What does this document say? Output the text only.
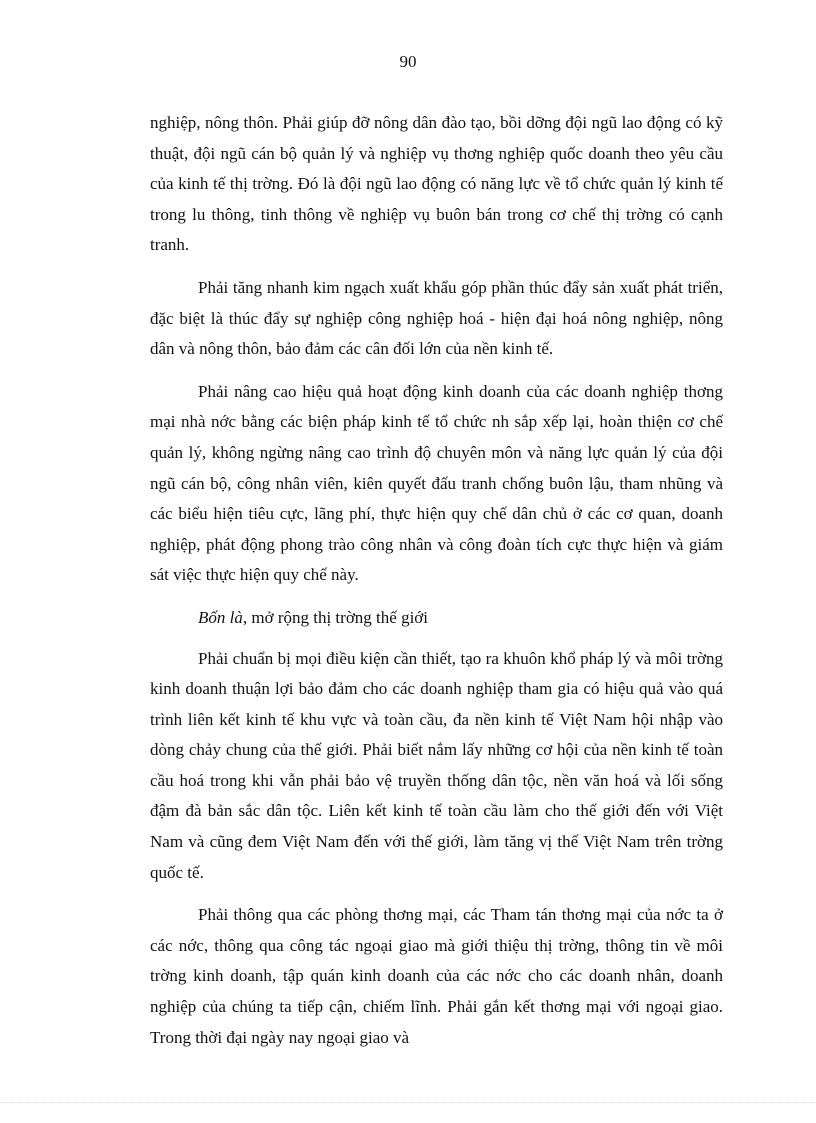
90

nghiệp, nông thôn. Phải giúp đỡ nông dân đào tạo, bồi dỡng đội ngũ lao động có kỹ thuật, đội ngũ cán bộ quản lý và nghiệp vụ thơng nghiệp quốc doanh theo yêu cầu của kinh tế thị trờng. Đó là đội ngũ lao động có năng lực về tổ chức quản lý kinh tế trong lu thông, tinh thông về nghiệp vụ buôn bán trong cơ chế thị trờng có cạnh tranh.

Phải tăng nhanh kim ngạch xuất khẩu góp phần thúc đẩy sản xuất phát triển, đặc biệt là thúc đẩy sự nghiệp công nghiệp hoá - hiện đại hoá nông nghiệp, nông dân và nông thôn, bảo đảm các cân đối lớn của nền kinh tế.

Phải nâng cao hiệu quả hoạt động kinh doanh của các doanh nghiệp thơng mại nhà nớc bằng các biện pháp kinh tế tổ chức nh sắp xếp lại, hoàn thiện cơ chế quản lý, không ngừng nâng cao trình độ chuyên môn và năng lực quản lý của đội ngũ cán bộ, công nhân viên, kiên quyết đấu tranh chống buôn lậu, tham nhũng và các biểu hiện tiêu cực, lãng phí, thực hiện quy chế dân chủ ở các cơ quan, doanh nghiệp, phát động phong trào công nhân và công đoàn tích cực thực hiện và giám sát việc thực hiện quy chế này.

Bốn là, mở rộng thị trờng thế giới

Phải chuẩn bị mọi điều kiện cần thiết, tạo ra khuôn khổ pháp lý và môi trờng kinh doanh thuận lợi bảo đảm cho các doanh nghiệp tham gia có hiệu quả vào quá trình liên kết kinh tế khu vực và toàn cầu, đa nền kinh tế Việt Nam hội nhập vào dòng chảy chung của thế giới. Phải biết nắm lấy những cơ hội của nền kinh tế toàn cầu hoá trong khi vẫn phải bảo vệ truyền thống dân tộc, nền văn hoá và lối sống đậm đà bản sắc dân tộc. Liên kết kinh tế toàn cầu làm cho thế giới đến với Việt Nam và cũng đem Việt Nam đến với thế giới, làm tăng vị thế Việt Nam trên trờng quốc tế.

Phải thông qua các phòng thơng mại, các Tham tán thơng mại của nớc ta ở các nớc, thông qua công tác ngoại giao mà giới thiệu thị trờng, thông tin về môi trờng kinh doanh, tập quán kinh doanh của các nớc cho các doanh nhân, doanh nghiệp của chúng ta tiếp cận, chiếm lĩnh. Phải gắn kết thơng mại với ngoại giao. Trong thời đại ngày nay ngoại giao và
